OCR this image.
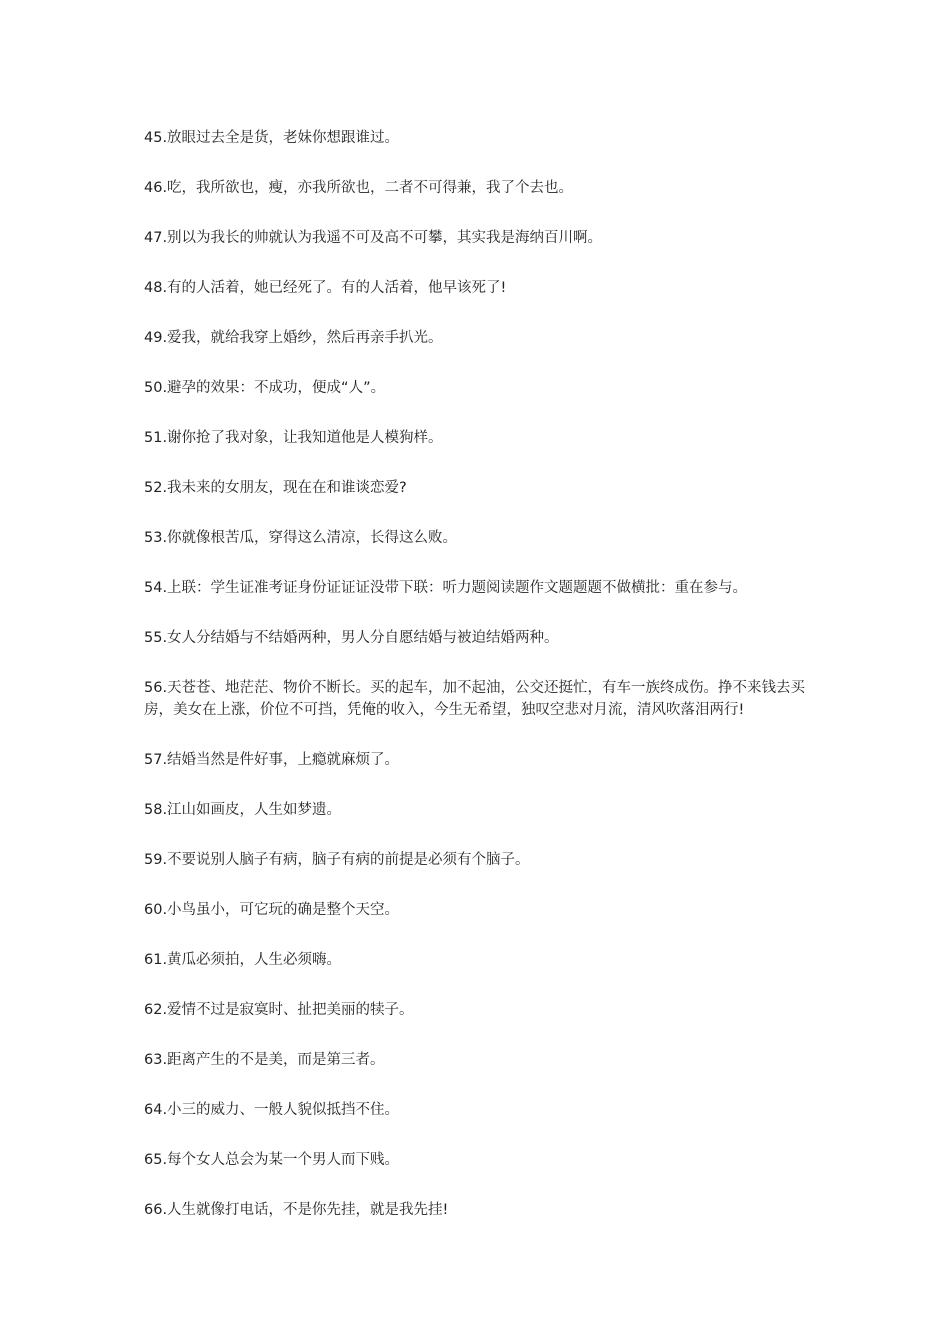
45.放眼过去全是货，老妹你想跟谁过。
46.吃，我所欲也，瘦，亦我所欲也，二者不可得兼，我了个去也。
47.别以为我长的帅就认为我遥不可及高不可攀，其实我是海纳百川啊。
48.有的人活着，她已经死了。有的人活着，他早该死了!
49.爱我，就给我穿上婚纱，然后再亲手扒光。
50.避孕的效果：不成功，便成“人”。
51.谢你抢了我对象，让我知道他是人模狗样。
52.我未来的女朋友，现在在和谁谈恋爱?
53.你就像根苦瓜，穿得这么清凉，长得这么败。
54.上联：学生证准考证身份证证证没带下联：听力题阅读题作文题题题不做横批：重在参与。
55.女人分结婚与不结婚两种，男人分自愿结婚与被迫结婚两种。
56.天苍苍、地茫茫、物价不断长。买的起车，加不起油，公交还挺忙，有车一族终成伤。挣不来钱去买房，美女在上涨，价位不可挡，凭俺的收入，今生无希望，独叹空悲对月流，清风吹落泪两行!
57.结婚当然是件好事，上瘾就麻烦了。
58.江山如画皮，人生如梦遗。
59.不要说别人脑子有病，脑子有病的前提是必须有个脑子。
60.小鸟虽小，可它玩的确是整个天空。
61.黄瓜必须拍，人生必须嗨。
62.爱情不过是寂寞时、扯把美丽的犊子。
63.距离产生的不是美，而是第三者。
64.小三的威力、一般人貌似抵挡不住。
65.每个女人总会为某一个男人而下贱。
66.人生就像打电话，不是你先挂，就是我先挂!
